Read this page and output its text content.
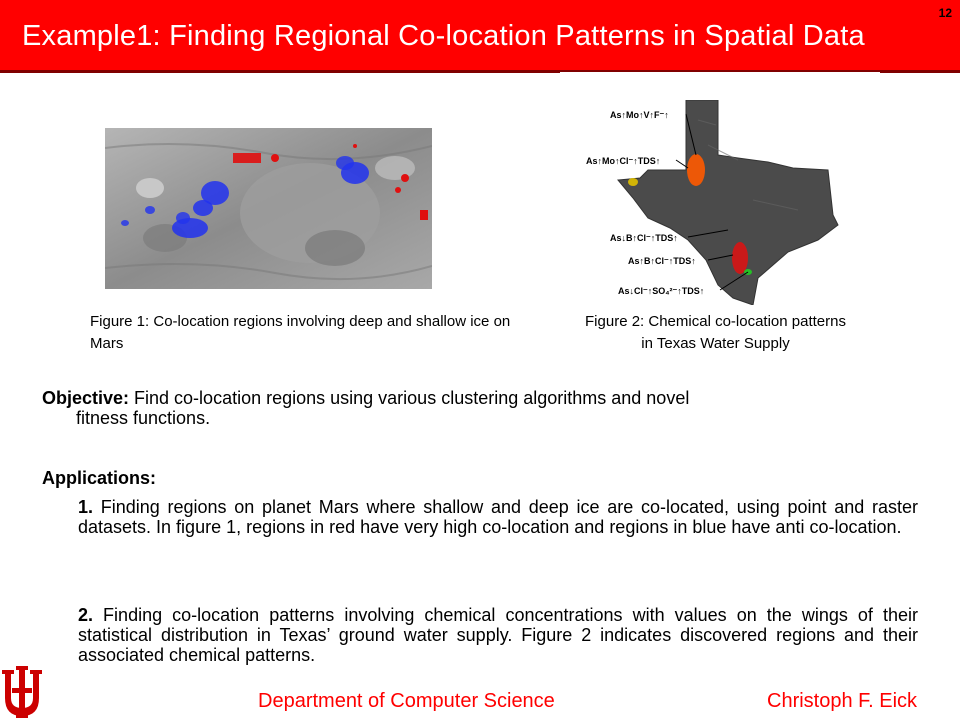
Example1: Finding Regional Co-location Patterns in Spatial Data
12
As↑Mo↑V↑F⁻↑
As↑Mo↑Cl⁻↑TDS↑
As↓B↑Cl⁻↑TDS↑
As↑B↑Cl⁻↑TDS↑
As↓Cl⁻↑SO₄²⁻↑TDS↑
Figure 1: Co-location regions involving deep and shallow ice on Mars
Figure 2: Chemical co-location patterns in Texas Water Supply
Objective: Find co-location regions using various clustering algorithms and novel
fitness functions.
Applications:
1. Finding regions on planet Mars where shallow and deep ice are co-located, using point and raster datasets. In figure 1, regions in red have very high co-location and regions in blue have anti co-location.
2. Finding co-location patterns involving chemical concentrations with values on the wings of their statistical distribution in Texas’ ground water supply. Figure 2 indicates discovered regions and their associated chemical patterns.
Department of Computer Science	Christoph F. Eick
